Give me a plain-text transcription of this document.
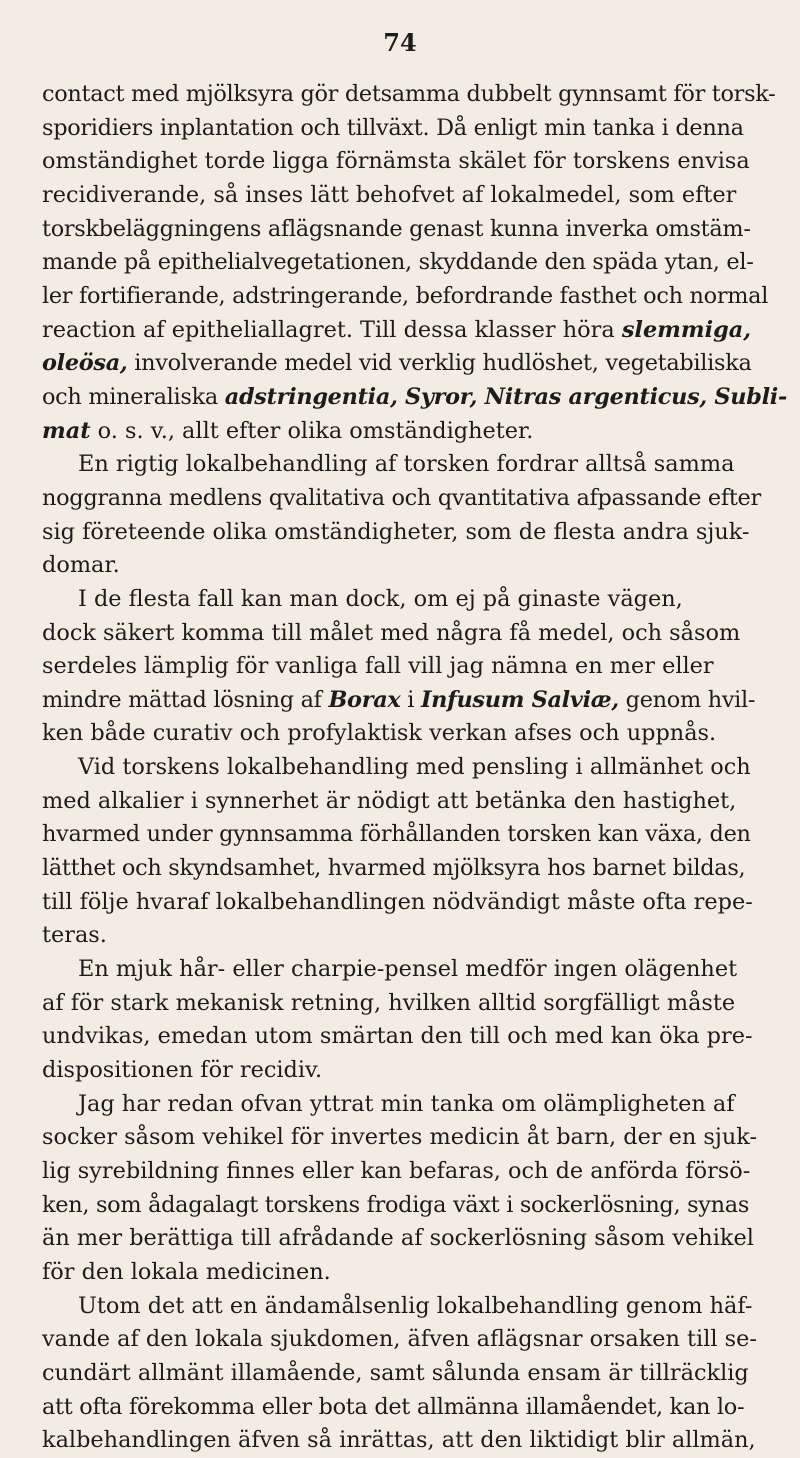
74
contact med mjölksyra gör detsamma dubbelt gynnsamt för torsk-
sporidiers inplantation och tillväxt. Då enligt min tanka i denna
omständighet torde ligga förnämsta skälet för torskens envisa
recidiverande, så inses lätt behofvet af lokalmedel, som efter
torskbeläggningens aflägsnande genast kunna inverka omstäm-
mande på epithelialvegetationen, skyddande den späda ytan, el-
ler fortifierande, adstringerande, befordrande fasthet och normal
reaction af epitheliallagret. Till dessa klasser höra slemmiga,
oleösa, involverande medel vid verklig hudlöshet, vegetabiliska
och mineraliska adstringentia, Syror, Nitras argenticus, Subli-
mat o. s. v., allt efter olika omständigheter.
En rigtig lokalbehandling af torsken fordrar alltså samma
noggranna medlens qvalitativa och qvantitativa afpassande efter
sig företeende olika omständigheter, som de flesta andra sjuk-
domar.
I de flesta fall kan man dock, om ej på ginaste vägen,
dock säkert komma till målet med några få medel, och såsom
serdeles lämplig för vanliga fall vill jag nämna en mer eller
mindre mättad lösning af Borax i Infusum Salviæ, genom hvil-
ken både curativ och profylaktisk verkan afses och uppnås.
Vid torskens lokalbehandling med pensling i allmänhet och
med alkalier i synnerhet är nödigt att betänka den hastighet,
hvarmed under gynnsamma förhållanden torsken kan växa, den
lätthet och skyndsamhet, hvarmed mjölksyra hos barnet bildas,
till följe hvaraf lokalbehandlingen nödvändigt måste ofta repe-
teras.
En mjuk hår- eller charpie-pensel medför ingen olägenhet
af för stark mekanisk retning, hvilken alltid sorgfälligt måste
undvikas, emedan utom smärtan den till och med kan öka pre-
dispositionen för recidiv.
Jag har redan ofvan yttrat min tanka om olämpligheten af
socker såsom vehikel för invertes medicin åt barn, der en sjuk-
lig syrebildning finnes eller kan befaras, och de anförda försö-
ken, som ådagalagt torskens frodiga växt i sockerlösning, synas
än mer berättiga till afrådande af sockerlösning såsom vehikel
för den lokala medicinen.
Utom det att en ändamålsenlig lokalbehandling genom häf-
vande af den lokala sjukdomen, äfven aflägsnar orsaken till se-
cundärt allmänt illamående, samt sålunda ensam är tillräcklig
att ofta förekomma eller bota det allmänna illamåendet, kan lo-
kalbehandlingen äfven så inrättas, att den liktidigt blir allmän,
